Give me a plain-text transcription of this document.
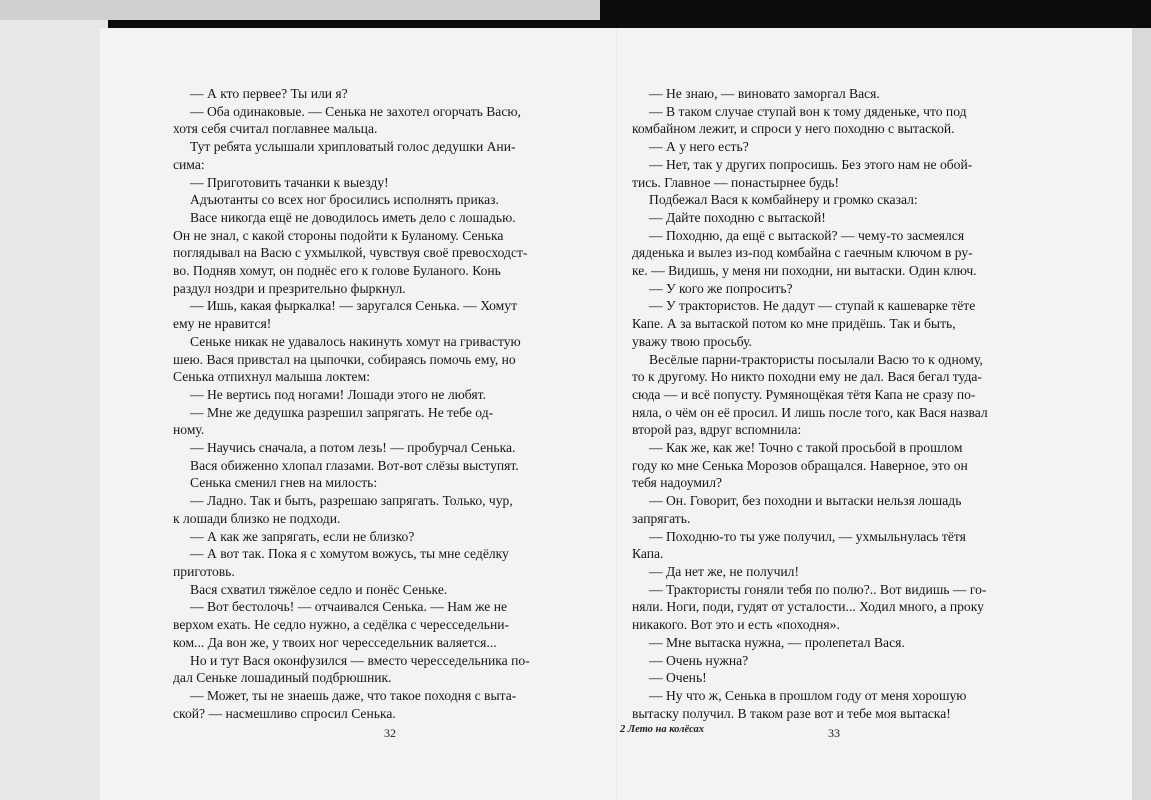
— А кто первее? Ты или я?

— Оба одинаковые. — Сенька не захотел огорчать Васю,

хотя себя считал поглавнее мальца.

Тут ребята услышали хрипловатый голос дедушки Ани-

сима:

— Приготовить тачанки к выезду!

Адъютанты со всех ног бросились исполнять приказ.

Васе никогда ещё не доводилось иметь дело с лошадью.

Он не знал, с какой стороны подойти к Буланому. Сенька

поглядывал на Васю с ухмылкой, чувствуя своё превосходст-

во. Подняв хомут, он поднёс его к голове Буланого. Конь

раздул ноздри и презрительно фыркнул.

— Ишь, какая фыркалка! — заругался Сенька. — Хомут

ему не нравится!

Сеньке никак не удавалось накинуть хомут на гривастую

шею. Вася привстал на цыпочки, собираясь помочь ему, но

Сенька отпихнул малыша локтем:

— Не вертись под ногами! Лошади этого не любят.

— Мне же дедушка разрешил запрягать. Не тебе од-

ному.

— Научись сначала, а потом лезь! — пробурчал Сенька.

Вася обиженно хлопал глазами. Вот-вот слёзы выступят.

Сенька сменил гнев на милость:

— Ладно. Так и быть, разрешаю запрягать. Только, чур,

к лошади близко не подходи.

— А как же запрягать, если не близко?

— А вот так. Пока я с хомутом вожусь, ты мне седёлку

приготовь.

Вася схватил тяжёлое седло и понёс Сеньке.

— Вот бестолочь! — отчаивался Сенька. — Нам же не

верхом ехать. Не седло нужно, а седёлка с чересседельни-

ком... Да вон же, у твоих ног чересседельник валяется...

Но и тут Вася оконфузился — вместо чересседельника по-

дал Сеньке лошадиный подбрюшник.

— Может, ты не знаешь даже, что такое походня с выта-

ской? — насмешливо спросил Сенька.

— Не знаю, — виновато заморгал Вася.

— В таком случае ступай вон к тому дяденьке, что под

комбайном лежит, и спроси у него походню с вытаской.

— А у него есть?

— Нет, так у других попросишь. Без этого нам не обой-

тись. Главное — понастырнее будь!

Подбежал Вася к комбайнеру и громко сказал:

— Дайте походню с вытаской!

— Походню, да ещё с вытаской? — чему-то засмеялся

дяденька и вылез из-под комбайна с гаечным ключом в ру-

ке. — Видишь, у меня ни походни, ни вытаски. Один ключ.

— У кого же попросить?

— У трактористов. Не дадут — ступай к кашеварке тёте

Капе. А за вытаской потом ко мне придёшь. Так и быть,

уважу твою просьбу.

Весёлые парни-трактористы посылали Васю то к одному,

то к другому. Но никто походни ему не дал. Вася бегал туда-

сюда — и всё попусту. Румянощёкая тётя Капа не сразу по-

няла, о чём он её просил. И лишь после того, как Вася назвал

второй раз, вдруг вспомнила:

— Как же, как же! Точно с такой просьбой в прошлом

году ко мне Сенька Морозов обращался. Наверное, это он

тебя надоумил?

— Он. Говорит, без походни и вытаски нельзя лошадь

запрягать.

— Походню-то ты уже получил, — ухмыльнулась тётя

Капа.

— Да нет же, не получил!

— Трактористы гоняли тебя по полю?.. Вот видишь — го-

няли. Ноги, поди, гудят от усталости... Ходил много, а проку

никакого. Вот это и есть «походня».

— Мне вытаска нужна, — пролепетал Вася.

— Очень нужна?

— Очень!

— Ну что ж, Сенька в прошлом году от меня хорошую

вытаску получил. В таком разе вот и тебе моя вытаска!

32	2 Лето на колёсах	33
